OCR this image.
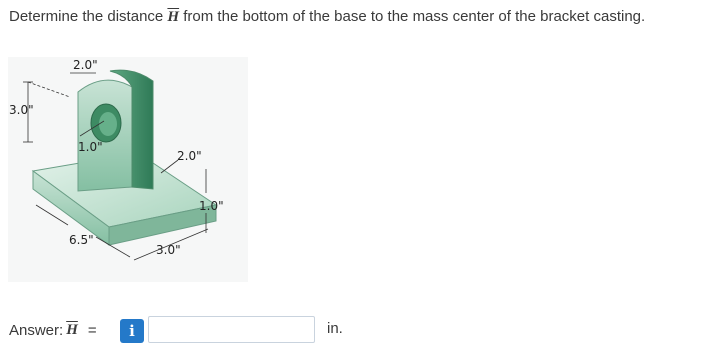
Determine the distance $\overline{H}$ from the bottom of the base to the mass center of the bracket casting.
2.0"
3.0"
1.0"
2.0"
1.0"
6.5"
3.0"
Answer: $\overline{H}$ =	i	in.
